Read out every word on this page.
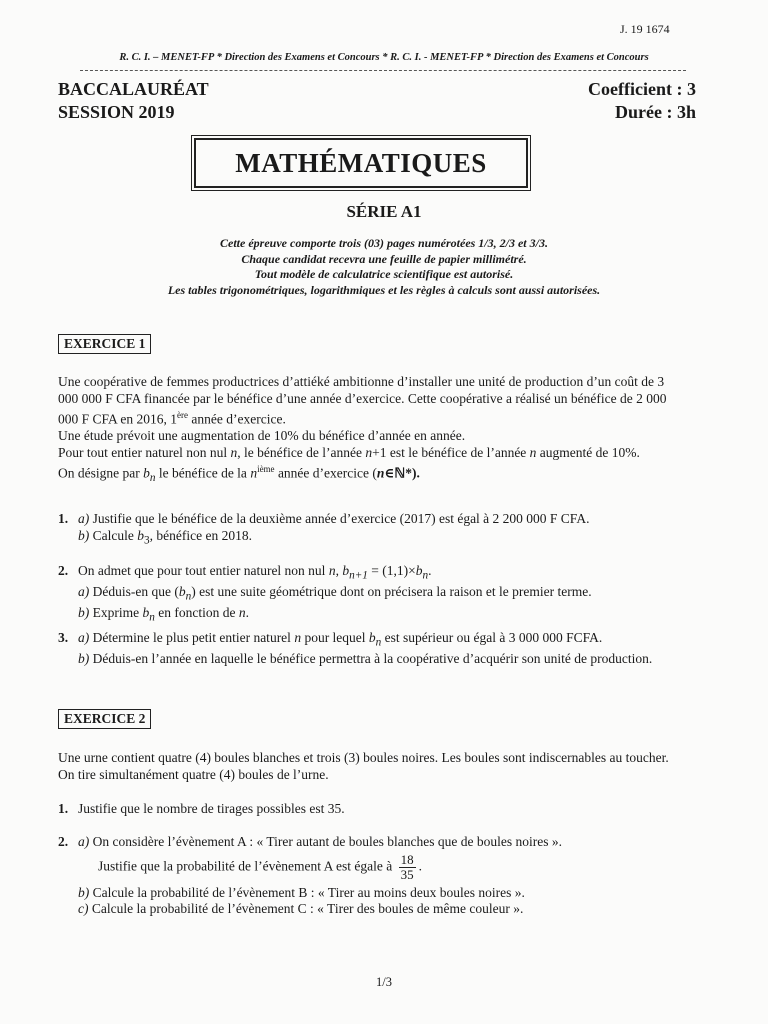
J. 19 1674
R. C. I. – MENET-FP * Direction des Examens et Concours * R. C. I. - MENET-FP * Direction des Examens et Concours
BACCALAURÉAT
SESSION 2019
Coefficient : 3
Durée : 3h
MATHÉMATIQUES
SÉRIE A1
Cette épreuve comporte trois (03) pages numérotées 1/3, 2/3 et 3/3.
Chaque candidat recevra une feuille de papier millimétré.
Tout modèle de calculatrice scientifique est autorisé.
Les tables trigonométriques, logarithmiques et les règles à calculs sont aussi autorisées.
EXERCICE 1
Une coopérative de femmes productrices d’attiéké ambitionne d’installer une unité de production d’un coût de 3 000 000 F CFA financée par le bénéfice d’une année d’exercice. Cette coopérative a réalisé un bénéfice de 2 000 000 F CFA en 2016, 1ère année d’exercice.
Une étude prévoit une augmentation de 10% du bénéfice d’année en année.
Pour tout entier naturel non nul n, le bénéfice de l’année n+1 est le bénéfice de l’année n augmenté de 10%.
On désigne par $b_n$ le bénéfice de la $n^{ième}$ année d’exercice (n∈ℕ*).
1. a) Justifie que le bénéfice de la deuxième année d’exercice (2017) est égal à 2 200 000 F CFA.
b) Calcule $b_3$, bénéfice en 2018.
2. On admet que pour tout entier naturel non nul n, $b_{n+1} = (1,1)\times b_n$.
a) Déduis-en que $(b_n)$ est une suite géométrique dont on précisera la raison et le premier terme.
b) Exprime $b_n$ en fonction de n.
3. a) Détermine le plus petit entier naturel n pour lequel $b_n$ est supérieur ou égal à 3 000 000 FCFA.
b) Déduis-en l’année en laquelle le bénéfice permettra à la coopérative d’acquérir son unité de production.
EXERCICE 2
Une urne contient quatre (4) boules blanches et trois (3) boules noires. Les boules sont indiscernables au toucher. On tire simultanément quatre (4) boules de l’urne.
1. Justifie que le nombre de tirages possibles est 35.
2. a) On considère l’évènement A : « Tirer autant de boules blanches que de boules noires ».
Justifie que la probabilité de l’évènement A est égale à $\frac{18}{35}$ .
b) Calcule la probabilité de l’évènement B : « Tirer au moins deux boules noires ».
c) Calcule la probabilité de l’évènement C : « Tirer des boules de même couleur ».
1/3
